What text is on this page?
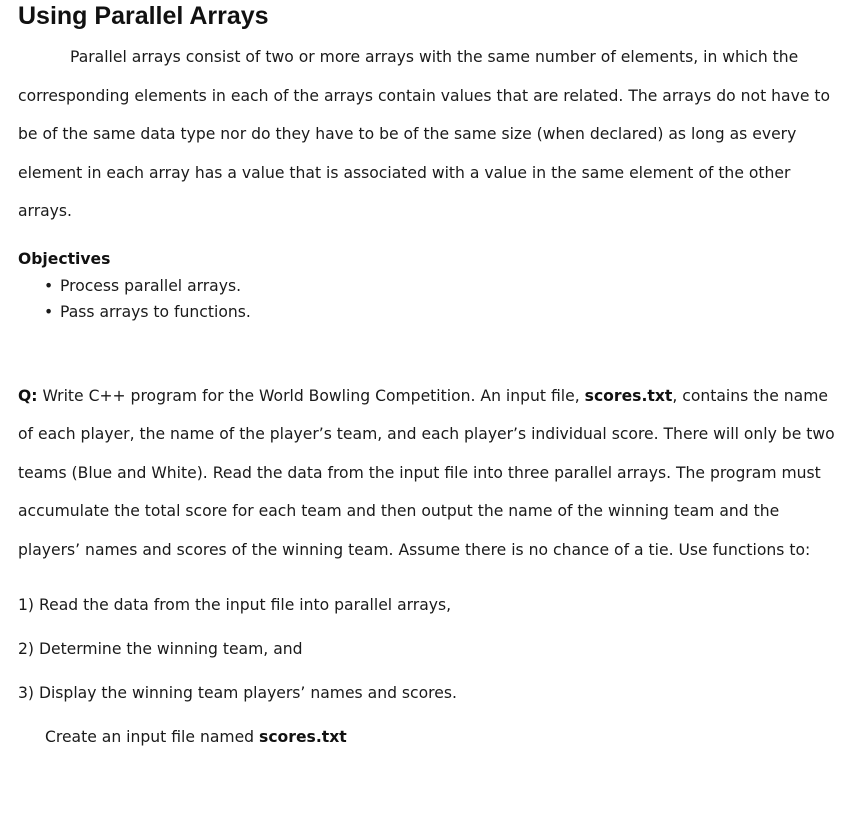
Using Parallel Arrays

Parallel arrays consist of two or more arrays with the same number of elements, in which the corresponding elements in each of the arrays contain values that are related. The arrays do not have to be of the same data type nor do they have to be of the same size (when declared) as long as every element in each array has a value that is associated with a value in the same element of the other arrays.

Objectives
• Process parallel arrays.
• Pass arrays to functions.

Q: Write C++ program for the World Bowling Competition. An input file, scores.txt, contains the name of each player, the name of the player’s team, and each player’s individual score. There will only be two teams (Blue and White). Read the data from the input file into three parallel arrays. The program must accumulate the total score for each team and then output the name of the winning team and the players’ names and scores of the winning team. Assume there is no chance of a tie. Use functions to:

1) Read the data from the input file into parallel arrays,
2) Determine the winning team, and
3) Display the winning team players’ names and scores.

Create an input file named scores.txt
